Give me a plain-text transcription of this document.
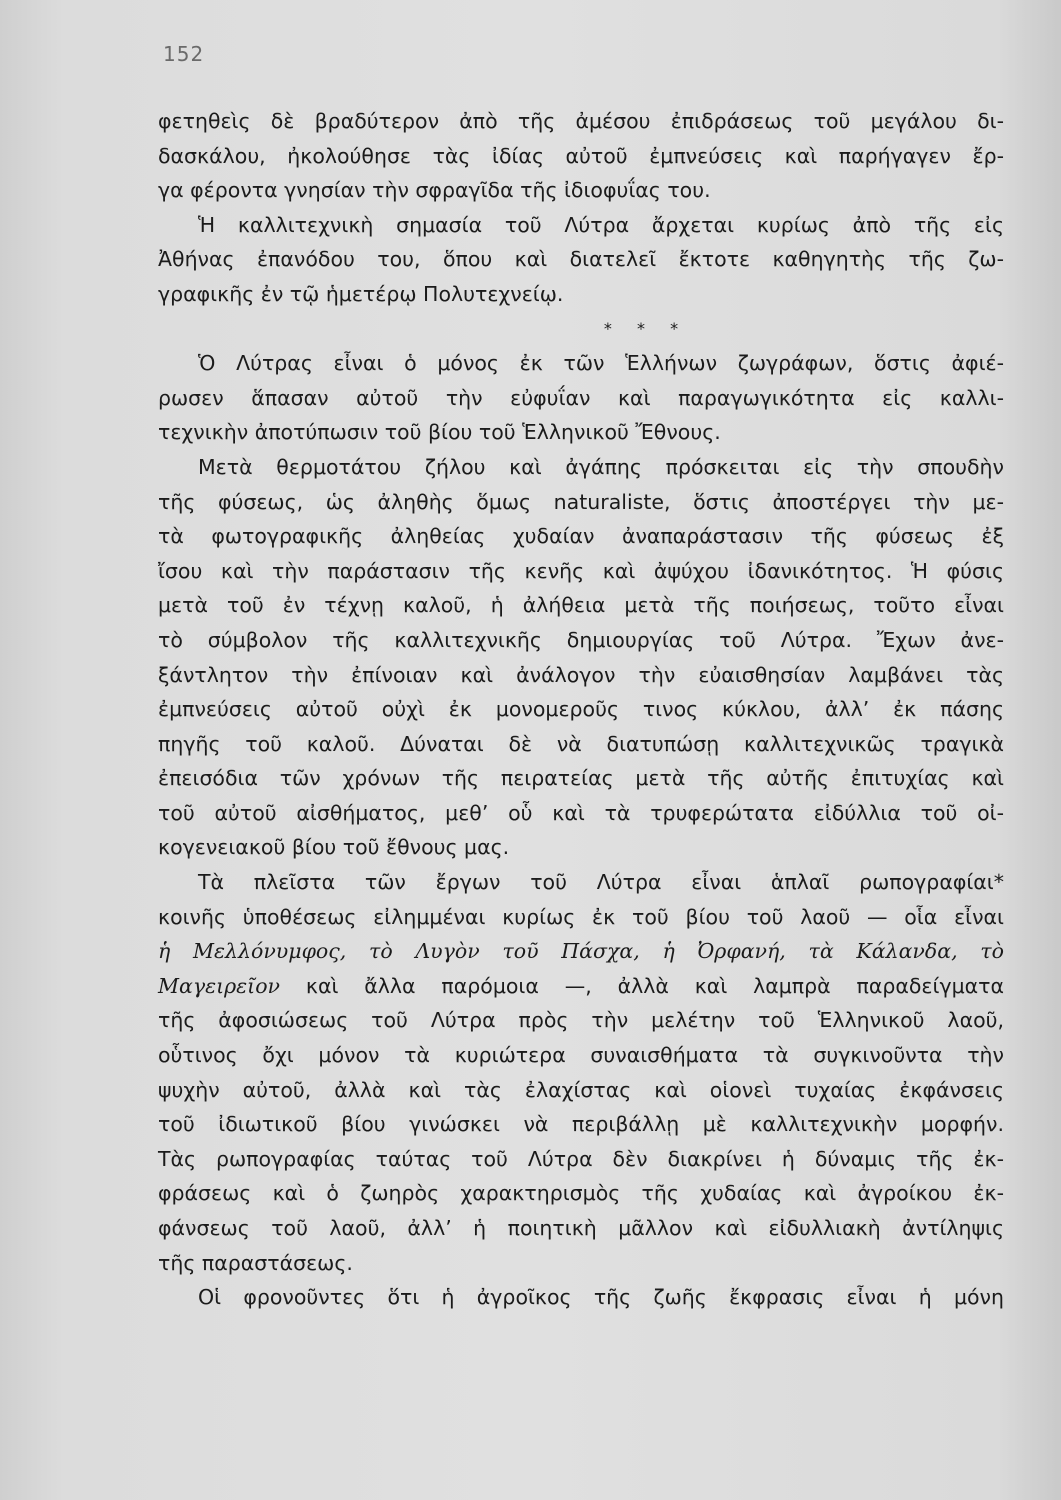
152
φετηθεὶς δὲ βραδύτερον ἀπὸ τῆς ἀμέσου ἐπιδράσεως τοῦ μεγάλου δι-
δασκάλου, ἠκολούθησε τὰς ἰδίας αὐτοῦ ἐμπνεύσεις καὶ παρήγαγεν ἔρ-
γα φέροντα γνησίαν τὴν σφραγῖδα τῆς ἰδιοφυΐας του.
Ἡ καλλιτεχνικὴ σημασία τοῦ Λύτρα ἄρχεται κυρίως ἀπὸ τῆς εἰς
Ἀθήνας ἐπανόδου του, ὅπου καὶ διατελεῖ ἔκτοτε καθηγητὴς τῆς ζω-
γραφικῆς ἐν τῷ ἡμετέρῳ Πολυτεχνείῳ.
* * *
Ὁ Λύτρας εἶναι ὁ μόνος ἐκ τῶν Ἑλλήνων ζωγράφων, ὅστις ἀφιέ-
ρωσεν ἅπασαν αὐτοῦ τὴν εὐφυΐαν καὶ παραγωγικότητα εἰς καλλι-
τεχνικὴν ἀποτύπωσιν τοῦ βίου τοῦ Ἑλληνικοῦ Ἔθνους.
Μετὰ θερμοτάτου ζήλου καὶ ἀγάπης πρόσκειται εἰς τὴν σπουδὴν
τῆς φύσεως, ὡς ἀληθὴς ὅμως naturaliste, ὅστις ἀποστέργει τὴν με-
τὰ φωτογραφικῆς ἀληθείας χυδαίαν ἀναπαράστασιν τῆς φύσεως ἐξ
ἴσου καὶ τὴν παράστασιν τῆς κενῆς καὶ ἀψύχου ἰδανικότητος. Ἡ φύσις
μετὰ τοῦ ἐν τέχνῃ καλοῦ, ἡ ἀλήθεια μετὰ τῆς ποιήσεως, τοῦτο εἶναι
τὸ σύμβολον τῆς καλλιτεχνικῆς δημιουργίας τοῦ Λύτρα. Ἔχων ἀνε-
ξάντλητον τὴν ἐπίνοιαν καὶ ἀνάλογον τὴν εὐαισθησίαν λαμβάνει τὰς
ἐμπνεύσεις αὐτοῦ οὐχὶ ἐκ μονομεροῦς τινος κύκλου, ἀλλ’ ἐκ πάσης
πηγῆς τοῦ καλοῦ. Δύναται δὲ νὰ διατυπώσῃ καλλιτεχνικῶς τραγικὰ
ἐπεισόδια τῶν χρόνων τῆς πειρατείας μετὰ τῆς αὐτῆς ἐπιτυχίας καὶ
τοῦ αὐτοῦ αἰσθήματος, μεθ’ οὗ καὶ τὰ τρυφερώτατα εἰδύλλια τοῦ οἰ-
κογενειακοῦ βίου τοῦ ἔθνους μας.
Τὰ πλεῖστα τῶν ἔργων τοῦ Λύτρα εἶναι ἁπλαῖ ρωπογραφίαι*
κοινῆς ὑποθέσεως εἰλημμέναι κυρίως ἐκ τοῦ βίου τοῦ λαοῦ — οἷα εἶναι
ἡ Μελλόνυμφος, τὸ Λυγὸν τοῦ Πάσχα, ἡ Ὀρφανή, τὰ Κάλανδα, τὸ
Μαγειρεῖον καὶ ἄλλα παρόμοια —, ἀλλὰ καὶ λαμπρὰ παραδείγματα
τῆς ἀφοσιώσεως τοῦ Λύτρα πρὸς τὴν μελέτην τοῦ Ἑλληνικοῦ λαοῦ,
οὗτινος ὄχι μόνον τὰ κυριώτερα συναισθήματα τὰ συγκινοῦντα τὴν
ψυχὴν αὐτοῦ, ἀλλὰ καὶ τὰς ἐλαχίστας καὶ οἱονεὶ τυχαίας ἐκφάνσεις
τοῦ ἰδιωτικοῦ βίου γινώσκει νὰ περιβάλλῃ μὲ καλλιτεχνικὴν μορφήν.
Τὰς ρωπογραφίας ταύτας τοῦ Λύτρα δὲν διακρίνει ἡ δύναμις τῆς ἐκ-
φράσεως καὶ ὁ ζωηρὸς χαρακτηρισμὸς τῆς χυδαίας καὶ ἀγροίκου ἐκ-
φάνσεως τοῦ λαοῦ, ἀλλ’ ἡ ποιητικὴ μᾶλλον καὶ εἰδυλλιακὴ ἀντίληψις
τῆς παραστάσεως.
Οἱ φρονοῦντες ὅτι ἡ ἀγροῖκος τῆς ζωῆς ἔκφρασις εἶναι ἡ μόνη
